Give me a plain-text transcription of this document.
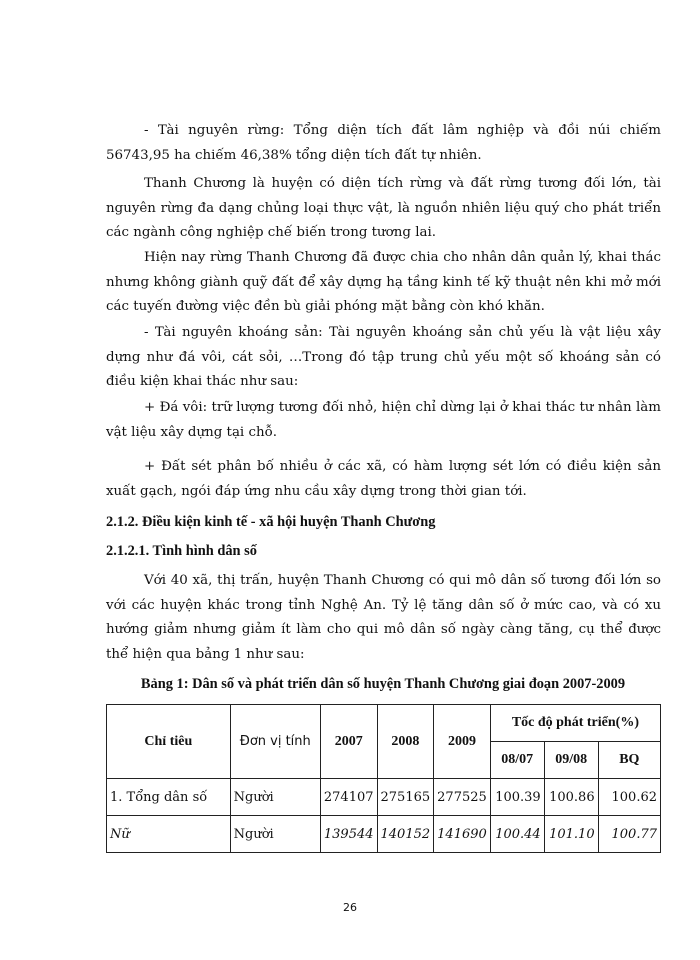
- Tài nguyên rừng: Tổng diện tích đất lâm nghiệp và đồi núi chiếm 56743,95 ha chiếm 46,38% tổng diện tích đất tự nhiên.

Thanh Chương là huyện có diện tích rừng và đất rừng tương đối lớn, tài nguyên rừng đa dạng chủng loại thực vật, là nguồn nhiên liệu quý cho phát triển các ngành công nghiệp chế biến trong tương lai.

Hiện nay rừng Thanh Chương đã được chia cho nhân dân quản lý, khai thác nhưng không giành quỹ đất để xây dựng hạ tầng kinh tế kỹ thuật nên khi mở mới các tuyến đường việc đền bù giải phóng mặt bằng còn khó khăn.

- Tài nguyên khoáng sản: Tài nguyên khoáng sản chủ yếu là vật liệu xây dựng như đá vôi, cát sỏi, …Trong đó tập trung chủ yếu một số khoáng sản có điều kiện khai thác như sau:

+ Đá vôi: trữ lượng tương đối nhỏ, hiện chỉ dừng lại ở khai thác tư nhân làm vật liệu xây dựng tại chỗ.

+ Đất sét phân bố nhiều ở các xã, có hàm lượng sét lớn có điều kiện sản xuất gạch, ngói đáp ứng nhu cầu xây dựng trong thời gian tới.

2.1.2. Điều kiện kinh tế - xã hội huyện Thanh Chương

2.1.2.1. Tình hình dân số

Với 40 xã, thị trấn, huyện Thanh Chương có qui mô dân số tương đối lớn so với các huyện khác trong tỉnh Nghệ An. Tỷ lệ tăng dân số ở mức cao, và có xu hướng giảm nhưng giảm ít làm cho qui mô dân số ngày càng tăng, cụ thể được thể hiện qua bảng 1 như sau:

Bảng 1: Dân số và phát triển dân số huyện Thanh Chương giai đoạn 2007-2009

Chỉ tiêu	Đơn vị tính	2007	2008	2009	Tốc độ phát triển(%)		
					08/07	09/08	BQ
1. Tổng dân số	Người	274107	275165	277525	100.39	100.86	100.62
Nữ	Người	139544	140152	141690	100.44	101.10	100.77
26
